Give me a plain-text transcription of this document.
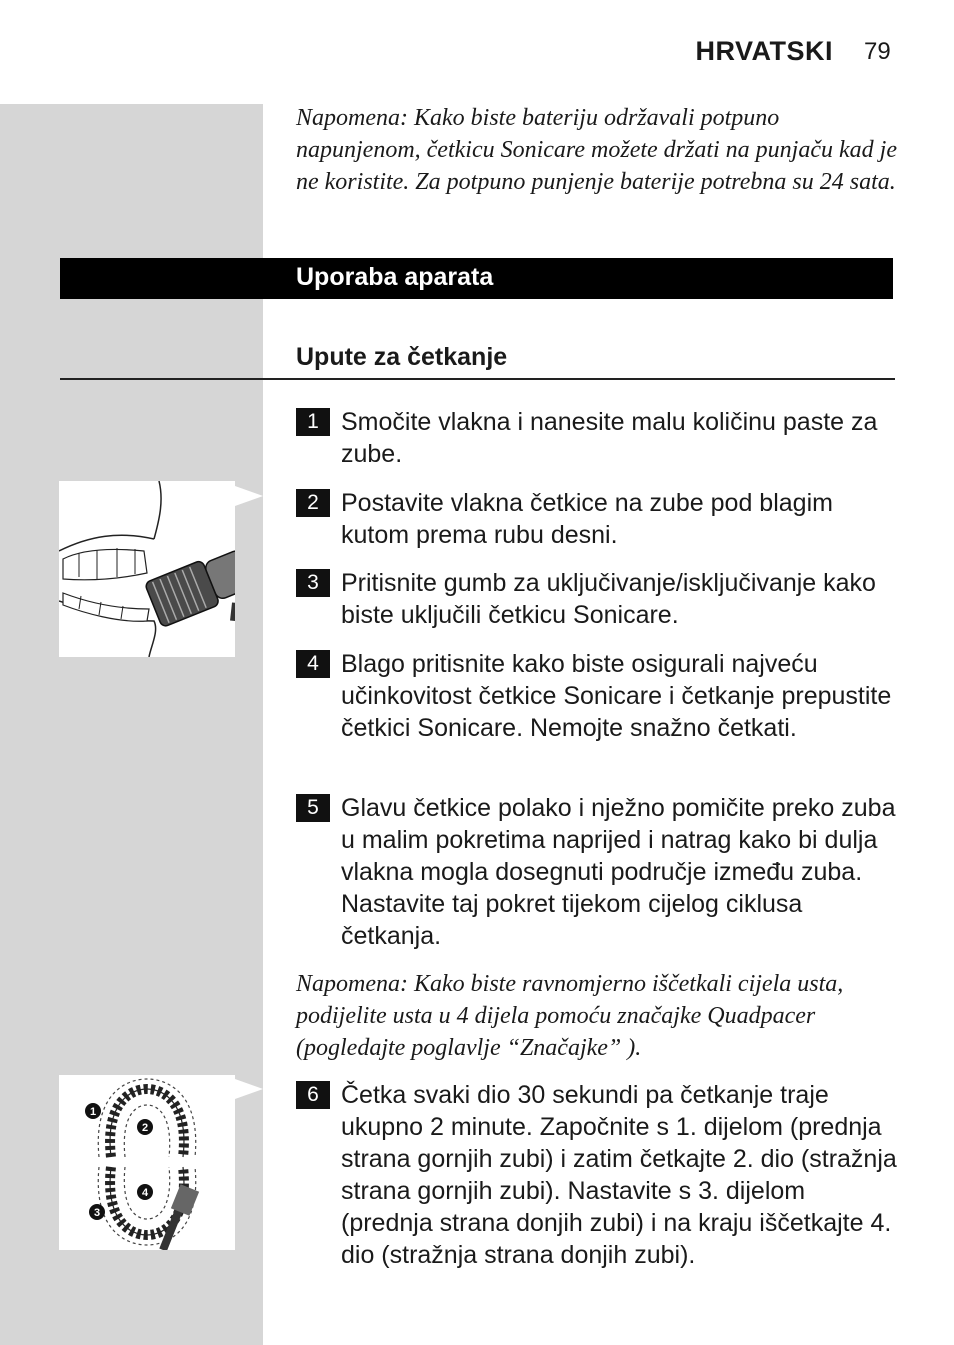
HRVATSKI 79
Napomena: Kako biste bateriju održavali potpuno napunjenom, četkicu Sonicare možete držati na punjaču kad je ne koristite. Za potpuno punjenje baterije potrebna su 24 sata.
Uporaba aparata
Upute za četkanje
1
2
3
4
1 Smočite vlakna i nanesite malu količinu paste za zube.
2 Postavite vlakna četkice na zube pod blagim kutom prema rubu desni.
3 Pritisnite gumb za uključivanje/isključivanje kako biste uključili četkicu Sonicare.
4 Blago pritisnite kako biste osigurali najveću učinkovitost četkice Sonicare i četkanje prepustite četkici Sonicare. Nemojte snažno četkati.
5 Glavu četkice polako i nježno pomičite preko zuba u malim pokretima naprijed i natrag kako bi dulja vlakna mogla dosegnuti područje između zuba. Nastavite taj pokret tijekom cijelog ciklusa četkanja.
Napomena: Kako biste ravnomjerno iščetkali cijela usta, podijelite usta u 4 dijela pomoću značajke Quadpacer (pogledajte poglavlje “Značajke” ).
6 Četka svaki dio 30 sekundi pa četkanje traje ukupno 2 minute. Započnite s 1. dijelom (prednja strana gornjih zubi) i zatim četkajte 2. dio (stražnja strana gornjih zubi). Nastavite s 3. dijelom (prednja strana donjih zubi) i na kraju iščetkajte 4. dio (stražnja strana donjih zubi).
